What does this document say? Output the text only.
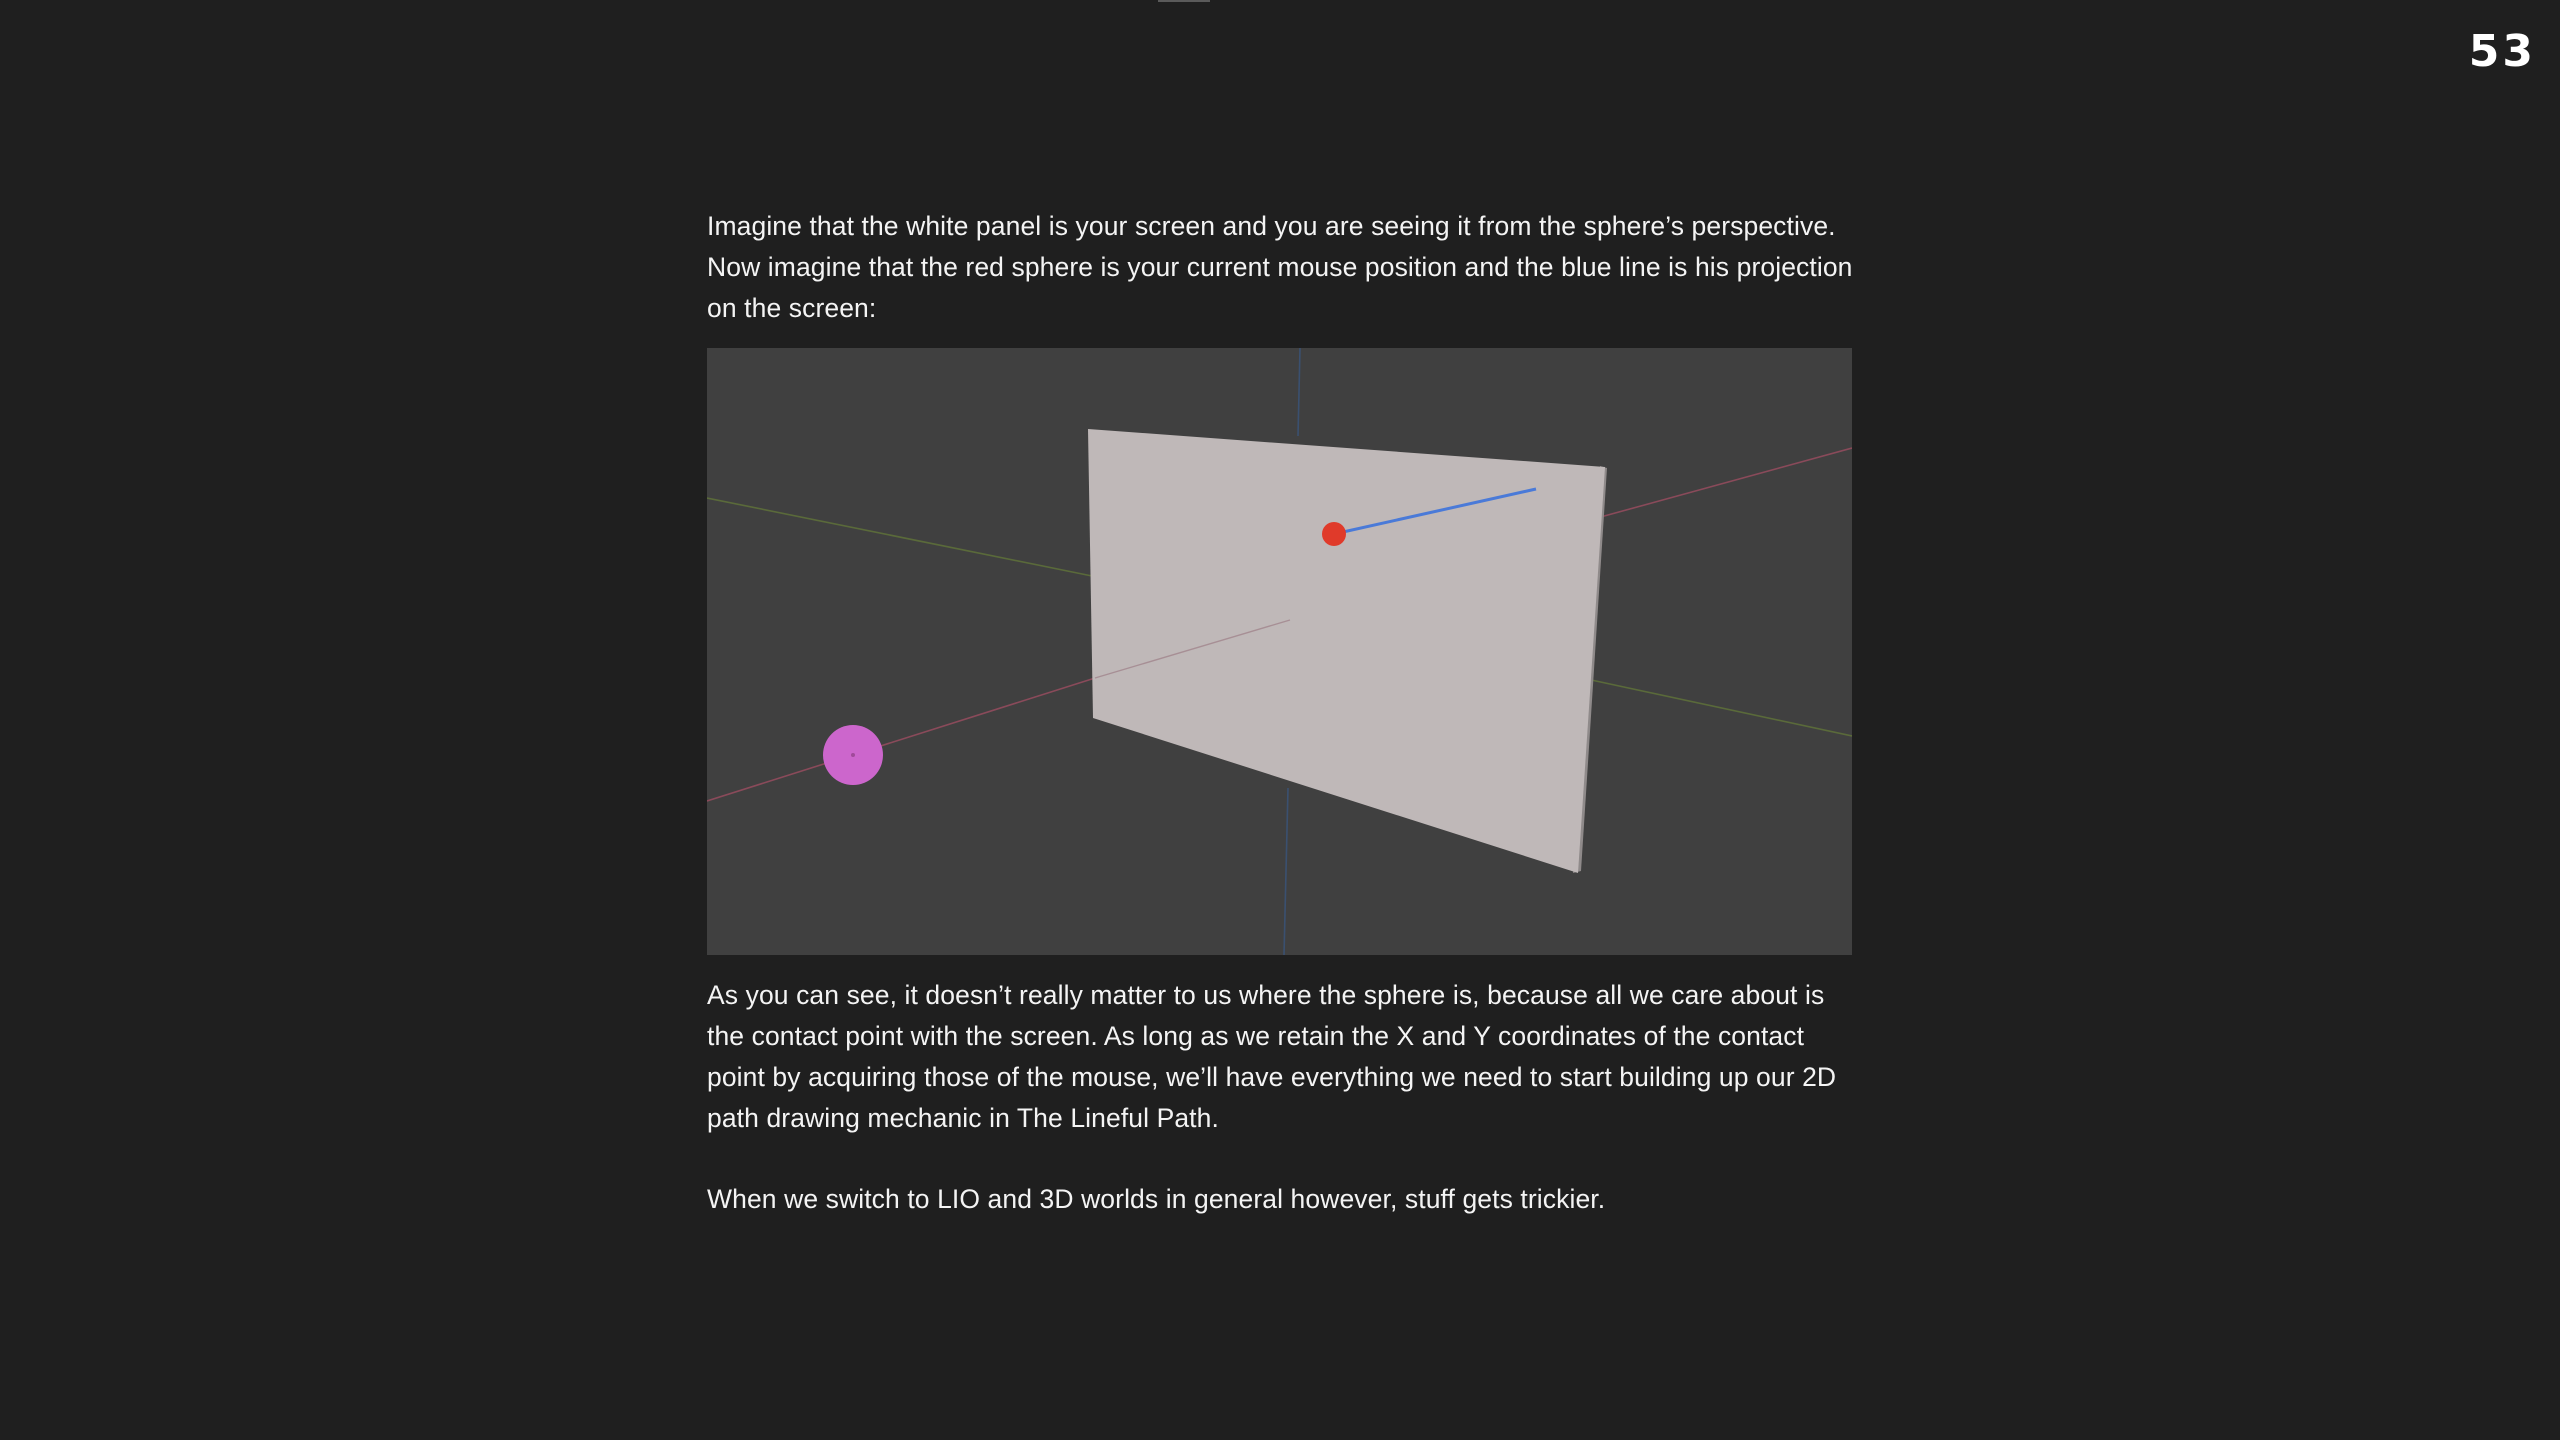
53

Imagine that the white panel is your screen and you are seeing it from the sphere’s perspective.
Now imagine that the red sphere is your current mouse position and the blue line is his projection
on the screen:

As you can see, it doesn’t really matter to us where the sphere is, because all we care about is
the contact point with the screen. As long as we retain the X and Y coordinates of the contact
point by acquiring those of the mouse, we’ll have everything we need to start building up our 2D
path drawing mechanic in The Lineful Path.

When we switch to LIO and 3D worlds in general however, stuff gets trickier.
